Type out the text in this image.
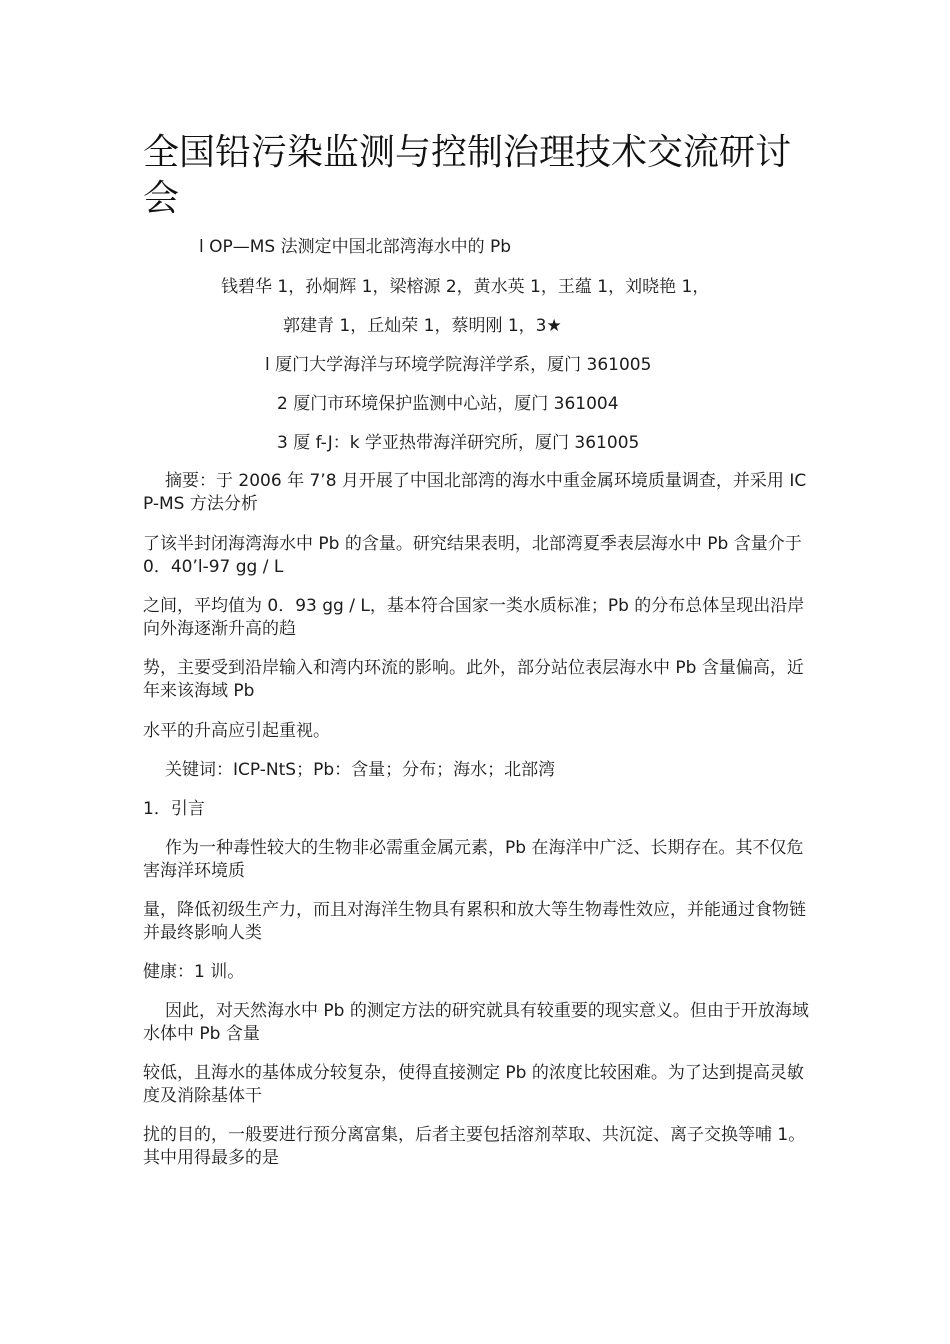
全国铅污染监测与控制治理技术交流研讨会
l OP—MS 法测定中国北部湾海水中的 Pb
钱碧华 1，孙炯辉 1，梁榕源 2，黄水英 1，王蕴 1，刘晓艳 1，
郭建青 1，丘灿荣 1，蔡明刚 1，3★
l 厦门大学海洋与环境学院海洋学系，厦门 361005
2 厦门市环境保护监测中心站，厦门 361004
3 厦 f-J：k 学亚热带海洋研究所，厦门 361005

摘要：于 2006 年 7’8 月开展了中国北部湾的海水中重金属环境质量调查，并采用 ICP-MS 方法分析

了该半封闭海湾海水中 Pb 的含量。研究结果表明，北部湾夏季表层海水中 Pb 含量介于 0．40’l-97 gg / L

之间，平均值为 0．93 gg / L，基本符合国家一类水质标准；Pb 的分布总体呈现出沿岸向外海逐渐升高的趋

势，主要受到沿岸输入和湾内环流的影响。此外，部分站位表层海水中 Pb 含量偏高，近年来该海域 Pb

水平的升高应引起重视。

关键词：ICP-NtS；Pb：含量；分布；海水；北部湾
1．引言

作为一种毒性较大的生物非必需重金属元素，Pb 在海洋中广泛、长期存在。其不仅危害海洋环境质

量，降低初级生产力，而且对海洋生物具有累积和放大等生物毒性效应，并能通过食物链并最终影响人类

健康：1 训。

因此，对天然海水中 Pb 的测定方法的研究就具有较重要的现实意义。但由于开放海域水体中 Pb 含量

较低，且海水的基体成分较复杂，使得直接测定 Pb 的浓度比较困难。为了达到提高灵敏度及消除基体干

扰的目的，一般要进行预分离富集，后者主要包括溶剂萃取、共沉淀、离子交换等哺 1。其中用得最多的是
